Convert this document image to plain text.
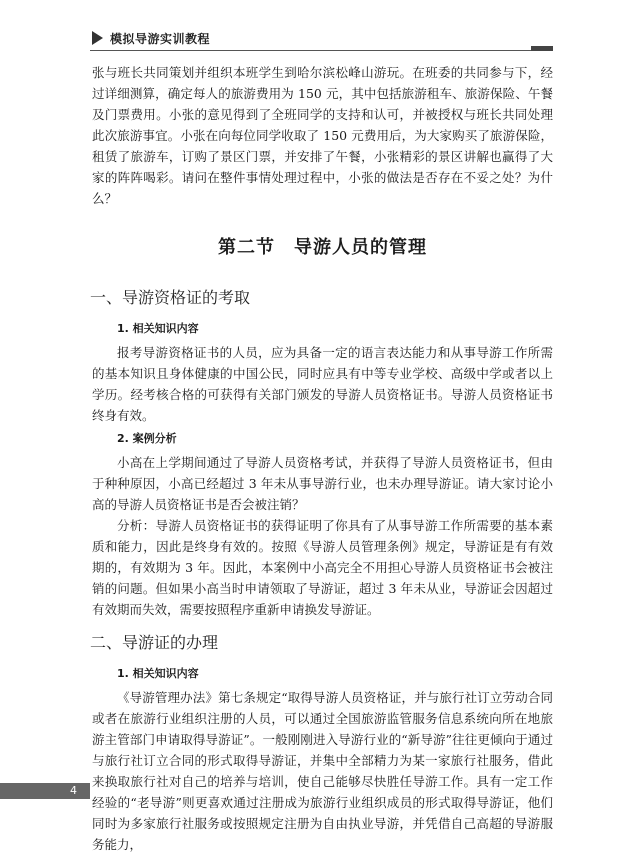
模拟导游实训教程

张与班长共同策划并组织本班学生到哈尔滨松峰山游玩。在班委的共同参与下，经过详细测算，确定每人的旅游费用为 150 元，其中包括旅游租车、旅游保险、午餐及门票费用。小张的意见得到了全班同学的支持和认可，并被授权与班长共同处理此次旅游事宜。小张在向每位同学收取了 150 元费用后，为大家购买了旅游保险，租赁了旅游车，订购了景区门票，并安排了午餐，小张精彩的景区讲解也赢得了大家的阵阵喝彩。请问在整件事情处理过程中，小张的做法是否存在不妥之处？为什么？

第二节　导游人员的管理
一、导游资格证的考取
1. 相关知识内容

报考导游资格证书的人员，应为具备一定的语言表达能力和从事导游工作所需的基本知识且身体健康的中国公民，同时应具有中等专业学校、高级中学或者以上学历。经考核合格的可获得有关部门颁发的导游人员资格证书。导游人员资格证书终身有效。

2. 案例分析

小高在上学期间通过了导游人员资格考试，并获得了导游人员资格证书，但由于种种原因，小高已经超过 3 年未从事导游行业，也未办理导游证。请大家讨论小高的导游人员资格证书是否会被注销？

分析：导游人员资格证书的获得证明了你具有了从事导游工作所需要的基本素质和能力，因此是终身有效的。按照《导游人员管理条例》规定，导游证是有有效期的，有效期为 3 年。因此，本案例中小高完全不用担心导游人员资格证书会被注销的问题。但如果小高当时申请领取了导游证，超过 3 年未从业，导游证会因超过有效期而失效，需要按照程序重新申请换发导游证。

二、导游证的办理
1. 相关知识内容

《导游管理办法》第七条规定“取得导游人员资格证，并与旅行社订立劳动合同或者在旅游行业组织注册的人员，可以通过全国旅游监管服务信息系统向所在地旅游主管部门申请取得导游证”。一般刚刚进入导游行业的“新导游”往往更倾向于通过与旅行社订立合同的形式取得导游证，并集中全部精力为某一家旅行社服务，借此来换取旅行社对自己的培养与培训，使自己能够尽快胜任导游工作。具有一定工作经验的“老导游”则更喜欢通过注册成为旅游行业组织成员的形式取得导游证，他们同时为多家旅行社服务或按照规定注册为自由执业导游，并凭借自己高超的导游服务能力，

4
